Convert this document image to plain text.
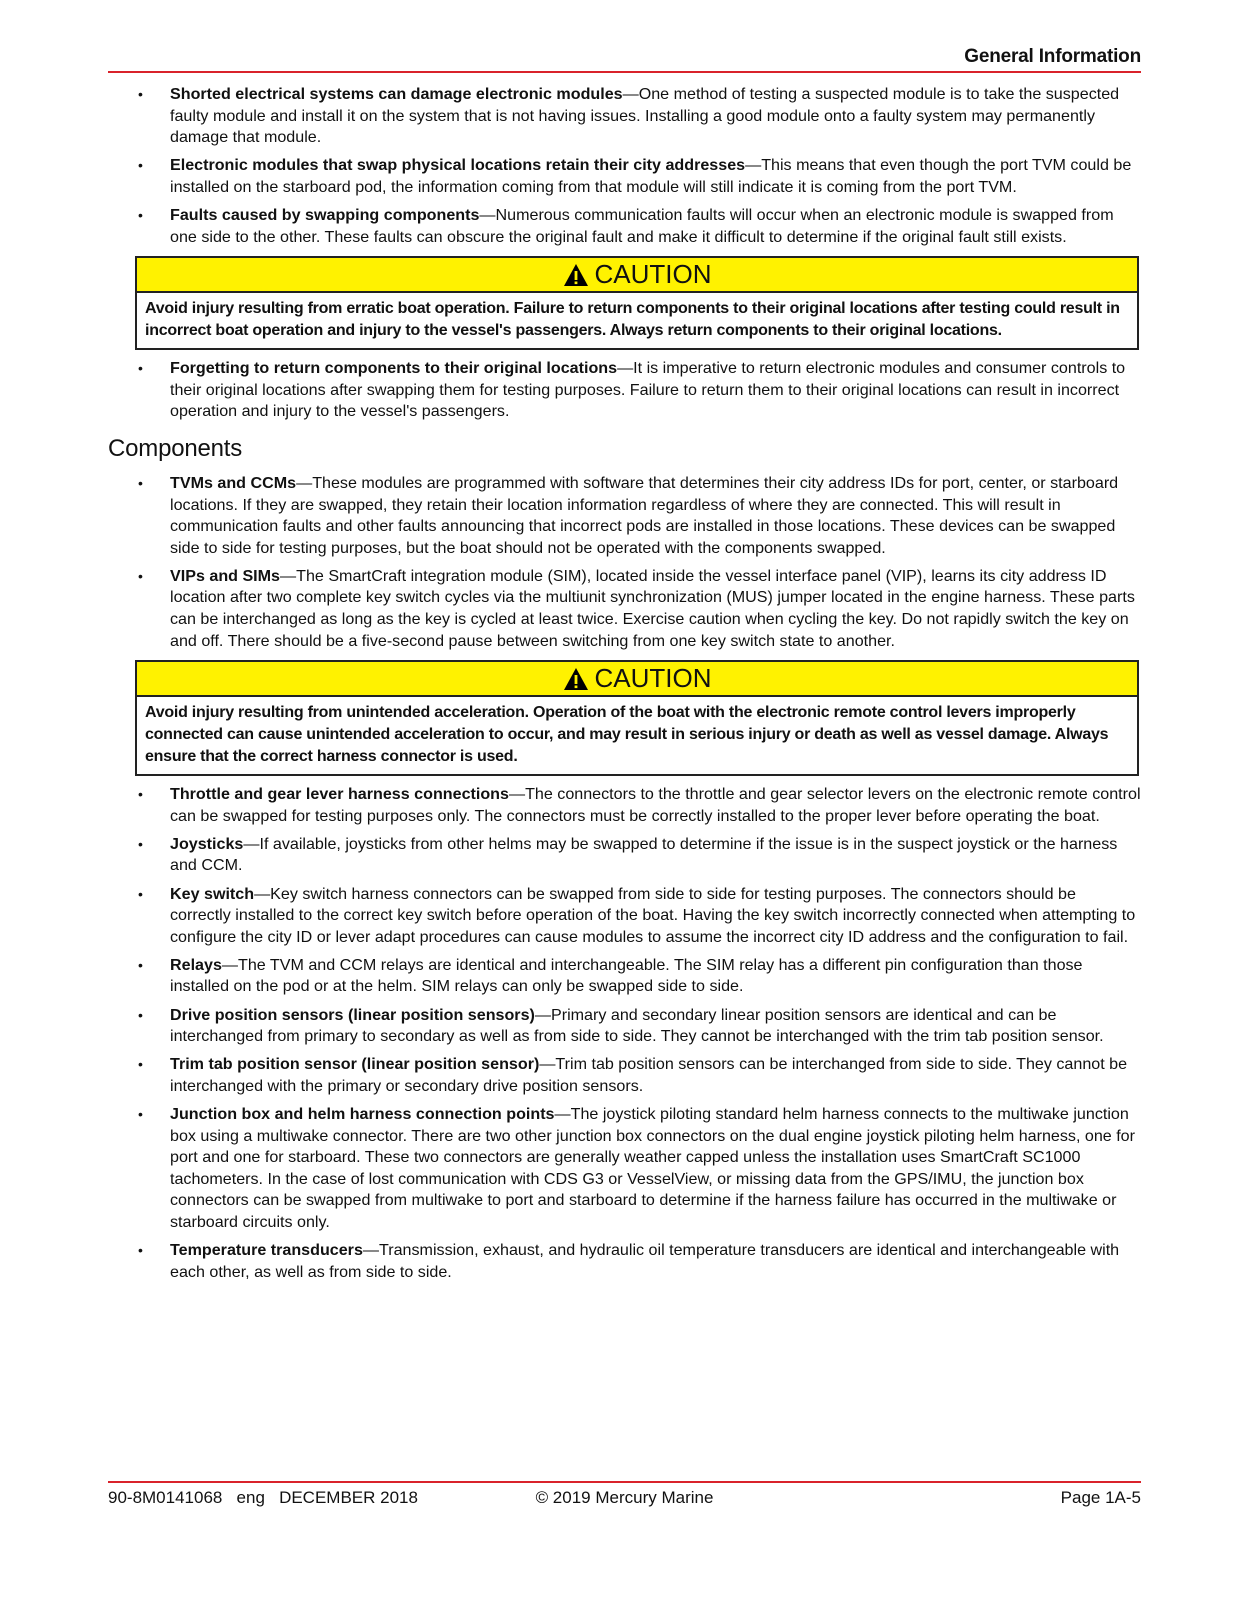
General Information
• Shorted electrical systems can damage electronic modules—One method of testing a suspected module is to take the suspected faulty module and install it on the system that is not having issues. Installing a good module onto a faulty system may permanently damage that module.
• Electronic modules that swap physical locations retain their city addresses—This means that even though the port TVM could be installed on the starboard pod, the information coming from that module will still indicate it is coming from the port TVM.
• Faults caused by swapping components—Numerous communication faults will occur when an electronic module is swapped from one side to the other. These faults can obscure the original fault and make it difficult to determine if the original fault still exists.
CAUTION
Avoid injury resulting from erratic boat operation. Failure to return components to their original locations after testing could result in incorrect boat operation and injury to the vessel's passengers. Always return components to their original locations.
• Forgetting to return components to their original locations—It is imperative to return electronic modules and consumer controls to their original locations after swapping them for testing purposes. Failure to return them to their original locations can result in incorrect operation and injury to the vessel's passengers.
Components
• TVMs and CCMs—These modules are programmed with software that determines their city address IDs for port, center, or starboard locations. If they are swapped, they retain their location information regardless of where they are connected. This will result in communication faults and other faults announcing that incorrect pods are installed in those locations. These devices can be swapped side to side for testing purposes, but the boat should not be operated with the components swapped.
• VIPs and SIMs—The SmartCraft integration module (SIM), located inside the vessel interface panel (VIP), learns its city address ID location after two complete key switch cycles via the multiunit synchronization (MUS) jumper located in the engine harness. These parts can be interchanged as long as the key is cycled at least twice. Exercise caution when cycling the key. Do not rapidly switch the key on and off. There should be a five-second pause between switching from one key switch state to another.
CAUTION
Avoid injury resulting from unintended acceleration. Operation of the boat with the electronic remote control levers improperly connected can cause unintended acceleration to occur, and may result in serious injury or death as well as vessel damage. Always ensure that the correct harness connector is used.
• Throttle and gear lever harness connections—The connectors to the throttle and gear selector levers on the electronic remote control can be swapped for testing purposes only. The connectors must be correctly installed to the proper lever before operating the boat.
• Joysticks—If available, joysticks from other helms may be swapped to determine if the issue is in the suspect joystick or the harness and CCM.
• Key switch—Key switch harness connectors can be swapped from side to side for testing purposes. The connectors should be correctly installed to the correct key switch before operation of the boat. Having the key switch incorrectly connected when attempting to configure the city ID or lever adapt procedures can cause modules to assume the incorrect city ID address and the configuration to fail.
• Relays—The TVM and CCM relays are identical and interchangeable. The SIM relay has a different pin configuration than those installed on the pod or at the helm. SIM relays can only be swapped side to side.
• Drive position sensors (linear position sensors)—Primary and secondary linear position sensors are identical and can be interchanged from primary to secondary as well as from side to side. They cannot be interchanged with the trim tab position sensor.
• Trim tab position sensor (linear position sensor)—Trim tab position sensors can be interchanged from side to side. They cannot be interchanged with the primary or secondary drive position sensors.
• Junction box and helm harness connection points—The joystick piloting standard helm harness connects to the multiwake junction box using a multiwake connector. There are two other junction box connectors on the dual engine joystick piloting helm harness, one for port and one for starboard. These two connectors are generally weather capped unless the installation uses SmartCraft SC1000 tachometers. In the case of lost communication with CDS G3 or VesselView, or missing data from the GPS/IMU, the junction box connectors can be swapped from multiwake to port and starboard to determine if the harness failure has occurred in the multiwake or starboard circuits only.
• Temperature transducers—Transmission, exhaust, and hydraulic oil temperature transducers are identical and interchangeable with each other, as well as from side to side.
90-8M0141068   eng   DECEMBER 2018	© 2019 Mercury Marine	Page 1A-5
